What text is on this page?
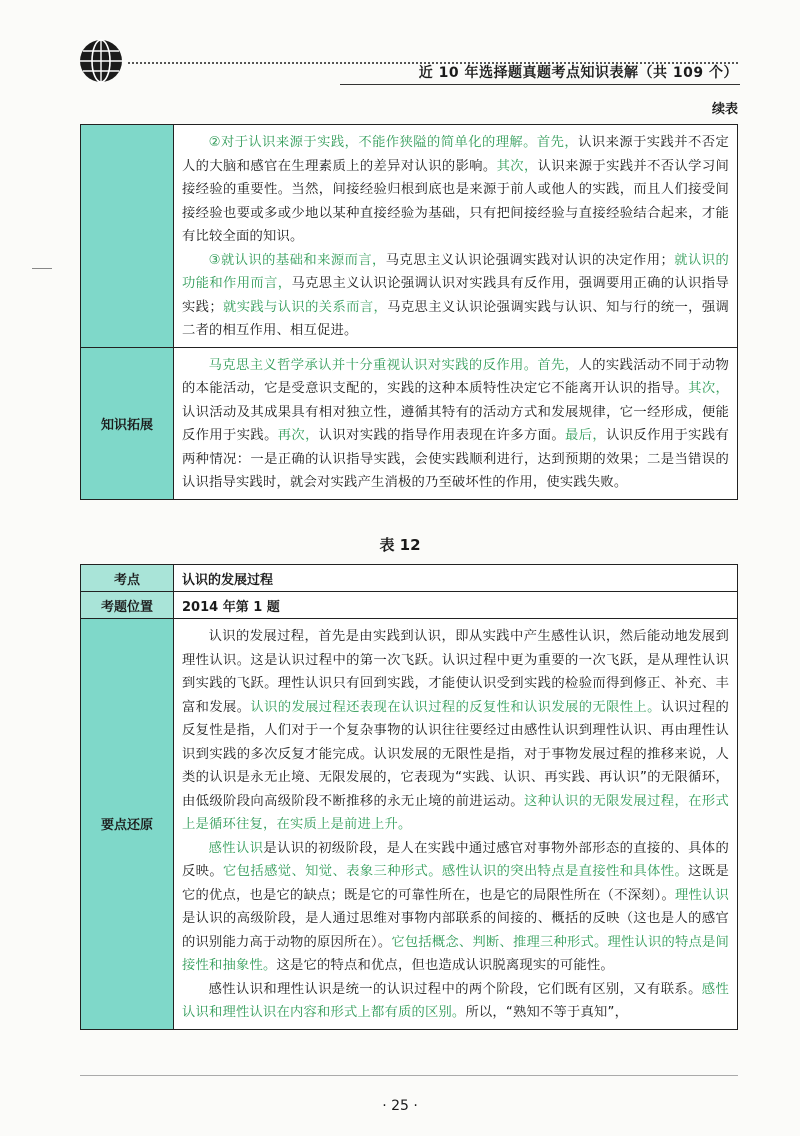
近 10 年选择题真题考点知识表解（共 109 个）
续表

	②对于认识来源于实践，不能作狭隘的简单化的理解。首先，认识来源于实践并不否定人的大脑和感官在生理素质上的差异对认识的影响。其次，认识来源于实践并不否认学习间接经验的重要性。当然，间接经验归根到底也是来源于前人或他人的实践，而且人们接受间接经验也要或多或少地以某种直接经验为基础，只有把间接经验与直接经验结合起来，才能有比较全面的知识。

③就认识的基础和来源而言，马克思主义认识论强调实践对认识的决定作用；就认识的功能和作用而言，马克思主义认识论强调认识对实践具有反作用，强调要用正确的认识指导实践；就实践与认识的关系而言，马克思主义认识论强调实践与认识、知与行的统一，强调二者的相互作用、相互促进。

知识拓展	马克思主义哲学承认并十分重视认识对实践的反作用。首先，人的实践活动不同于动物的本能活动，它是受意识支配的，实践的这种本质特性决定它不能离开认识的指导。其次，认识活动及其成果具有相对独立性，遵循其特有的活动方式和发展规律，它一经形成，便能反作用于实践。再次，认识对实践的指导作用表现在许多方面。最后，认识反作用于实践有两种情况：一是正确的认识指导实践，会使实践顺利进行，达到预期的效果；二是当错误的认识指导实践时，就会对实践产生消极的乃至破坏性的作用，使实践失败。

表 12
考点	认识的发展过程
考题位置	2014 年第 1 题
要点还原	认识的发展过程，首先是由实践到认识，即从实践中产生感性认识，然后能动地发展到理性认识。这是认识过程中的第一次飞跃。认识过程中更为重要的一次飞跃，是从理性认识到实践的飞跃。理性认识只有回到实践，才能使认识受到实践的检验而得到修正、补充、丰富和发展。认识的发展过程还表现在认识过程的反复性和认识发展的无限性上。认识过程的反复性是指，人们对于一个复杂事物的认识往往要经过由感性认识到理性认识、再由理性认识到实践的多次反复才能完成。认识发展的无限性是指，对于事物发展过程的推移来说，人类的认识是永无止境、无限发展的，它表现为“实践、认识、再实践、再认识”的无限循环，由低级阶段向高级阶段不断推移的永无止境的前进运动。这种认识的无限发展过程，在形式上是循环往复，在实质上是前进上升。

感性认识是认识的初级阶段，是人在实践中通过感官对事物外部形态的直接的、具体的反映。它包括感觉、知觉、表象三种形式。感性认识的突出特点是直接性和具体性。这既是它的优点，也是它的缺点；既是它的可靠性所在，也是它的局限性所在（不深刻）。理性认识是认识的高级阶段，是人通过思维对事物内部联系的间接的、概括的反映（这也是人的感官的识别能力高于动物的原因所在）。它包括概念、判断、推理三种形式。理性认识的特点是间接性和抽象性。这是它的特点和优点，但也造成认识脱离现实的可能性。

感性认识和理性认识是统一的认识过程中的两个阶段，它们既有区别，又有联系。感性认识和理性认识在内容和形式上都有质的区别。所以，“熟知不等于真知”，

· 25 ·
